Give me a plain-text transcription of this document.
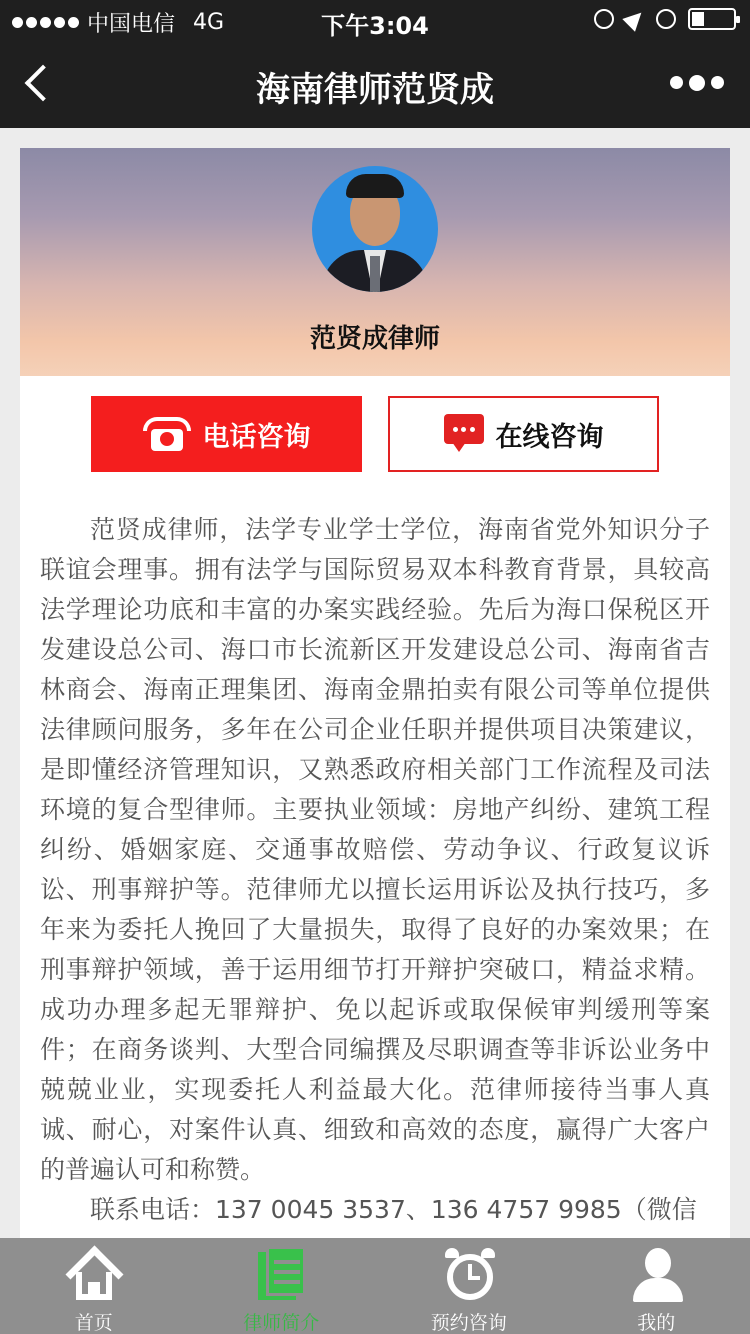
中国电信 4G	下午3:04
海南律师范贤成
范贤成律师
电话咨询	在线咨询

范贤成律师，法学专业学士学位，海南省党外知识分子联谊会理事。拥有法学与国际贸易双本科教育背景，具较高法学理论功底和丰富的办案实践经验。先后为海口保税区开发建设总公司、海口市长流新区开发建设总公司、海南省吉林商会、海南正理集团、海南金鼎拍卖有限公司等单位提供法律顾问服务，多年在公司企业任职并提供项目决策建议，是即懂经济管理知识，又熟悉政府相关部门工作流程及司法环境的复合型律师。主要执业领域：房地产纠纷、建筑工程纠纷、婚姻家庭、交通事故赔偿、劳动争议、行政复议诉讼、刑事辩护等。范律师尤以擅长运用诉讼及执行技巧，多年来为委托人挽回了大量损失，取得了良好的办案效果；在刑事辩护领域，善于运用细节打开辩护突破口，精益求精。成功办理多起无罪辩护、免以起诉或取保候审判缓刑等案件；在商务谈判、大型合同编撰及尽职调查等非诉讼业务中兢兢业业，实现委托人利益最大化。范律师接待当事人真诚、耐心，对案件认真、细致和高效的态度，赢得广大客户的普遍认可和称赞。

联系电话：137 0045 3537、136 4757 9985（微信
首页	律师简介	预约咨询	我的
